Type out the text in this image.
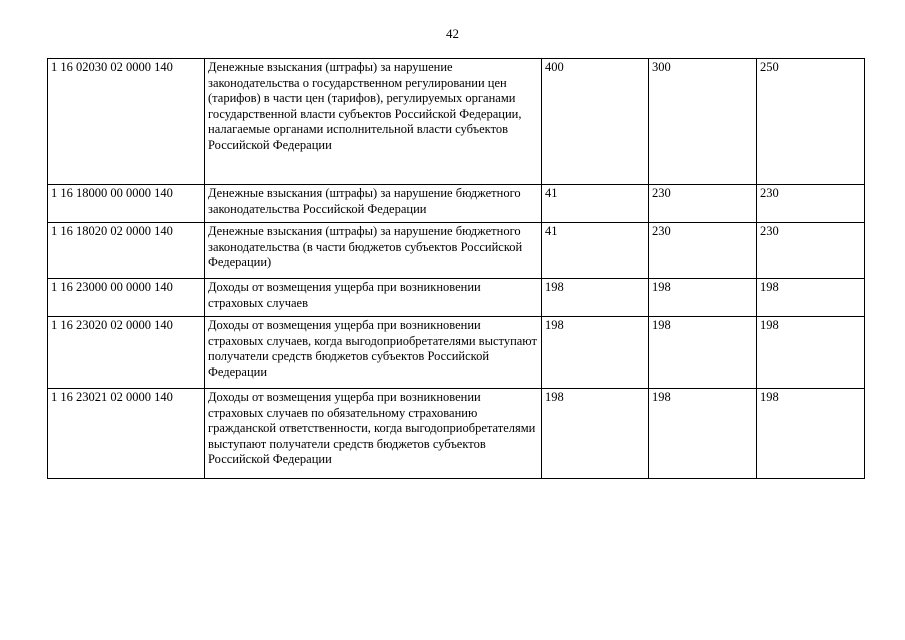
42
1 16 02030 02 0000 140	Денежные взыскания (штрафы) за нарушение законодательства о государственном регулировании цен (тарифов) в части цен (тарифов), регулируемых органами государственной власти субъектов Российской Федерации, налагаемые органами исполнительной власти субъектов Российской Федерации	400	300	250
1 16 18000 00 0000 140	Денежные взыскания (штрафы) за нарушение бюджетного законодательства Российской Федерации	41	230	230
1 16 18020 02 0000 140	Денежные взыскания (штрафы) за нарушение бюджетного законодательства (в части бюджетов субъектов Российской Федерации)	41	230	230
1 16 23000 00 0000 140	Доходы от возмещения ущерба при возникновении страховых случаев	198	198	198
1 16 23020 02 0000 140	Доходы от возмещения ущерба при возникновении страховых случаев, когда выгодоприобретателями выступают получатели средств бюджетов субъектов Российской Федерации	198	198	198
1 16 23021 02 0000 140	Доходы от возмещения ущерба при возникновении страховых случаев по обязательному страхованию гражданской ответственности, когда выгодоприобретателями выступают получатели средств бюджетов субъектов Российской Федерации	198	198	198
